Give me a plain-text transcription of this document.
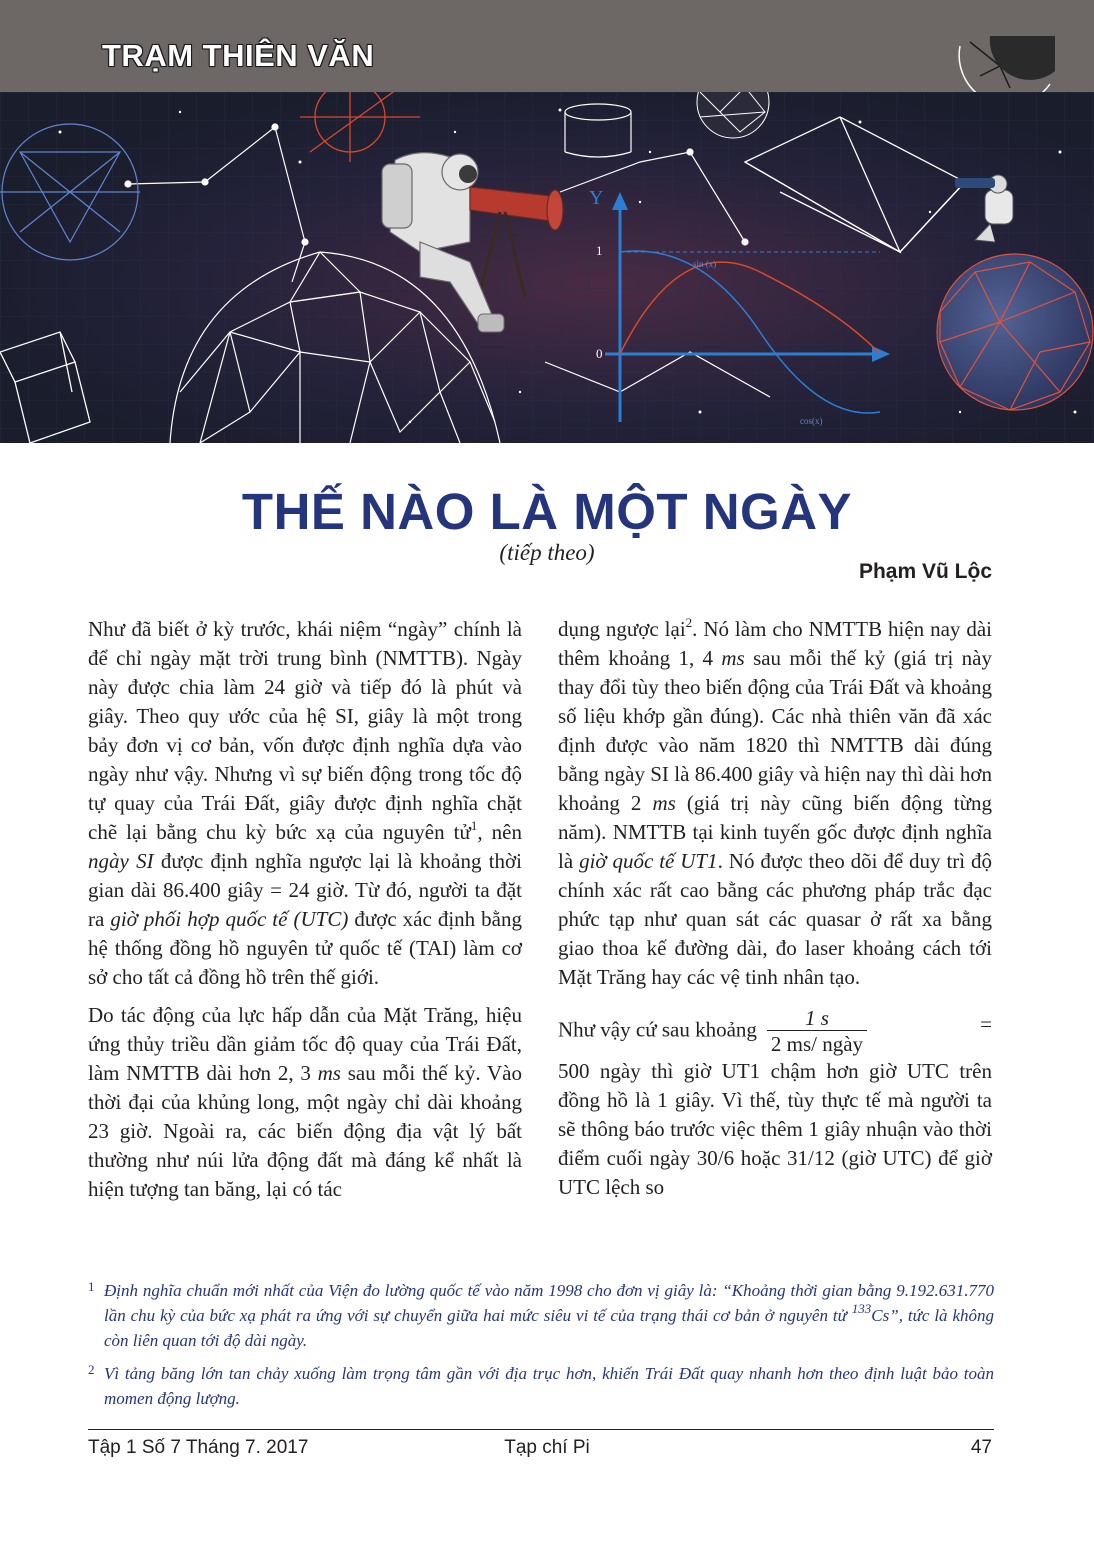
TRẠM THIÊN VĂN
Y
1
0
sin (x)
cos(x)
THẾ NÀO LÀ MỘT NGÀY
(tiếp theo)
Phạm Vũ Lộc

Như đã biết ở kỳ trước, khái niệm “ngày” chính là để chỉ ngày mặt trời trung bình (NMTTB). Ngày này được chia làm 24 giờ và tiếp đó là phút và giây. Theo quy ước của hệ SI, giây là một trong bảy đơn vị cơ bản, vốn được định nghĩa dựa vào ngày như vậy. Nhưng vì sự biến động trong tốc độ tự quay của Trái Đất, giây được định nghĩa chặt chẽ lại bằng chu kỳ bức xạ của nguyên tử$^1$, nên ngày SI được định nghĩa ngược lại là khoảng thời gian dài 86.400 giây = 24 giờ. Từ đó, người ta đặt ra giờ phối hợp quốc tế (UTC) được xác định bằng hệ thống đồng hồ nguyên tử quốc tế (TAI) làm cơ sở cho tất cả đồng hồ trên thế giới.

Do tác động của lực hấp dẫn của Mặt Trăng, hiệu ứng thủy triều dần giảm tốc độ quay của Trái Đất, làm NMTTB dài hơn 2, 3 ms sau mỗi thế kỷ. Vào thời đại của khủng long, một ngày chỉ dài khoảng 23 giờ. Ngoài ra, các biến động địa vật lý bất thường như núi lửa động đất mà đáng kể nhất là hiện tượng tan băng, lại có tác

dụng ngược lại$^2$. Nó làm cho NMTTB hiện nay dài thêm khoảng 1, 4 ms sau mỗi thế kỷ (giá trị này thay đổi tùy theo biến động của Trái Đất và khoảng số liệu khớp gần đúng). Các nhà thiên văn đã xác định được vào năm 1820 thì NMTTB dài đúng bằng ngày SI là 86.400 giây và hiện nay thì dài hơn khoảng 2 ms (giá trị này cũng biến động từng năm). NMTTB tại kinh tuyến gốc được định nghĩa là giờ quốc tế UT1. Nó được theo dõi để duy trì độ chính xác rất cao bằng các phương pháp trắc đạc phức tạp như quan sát các quasar ở rất xa bằng giao thoa kế đường dài, đo laser khoảng cách tới Mặt Trăng hay các vệ tinh nhân tạo.

Như vậy cứ sau khoảng $\frac{1 s}{\text{2 ms/ ngày}}$	=

500 ngày thì giờ UT1 chậm hơn giờ UTC trên đồng hồ là 1 giây. Vì thế, tùy thực tế mà người ta sẽ thông báo trước việc thêm 1 giây nhuận vào thời điểm cuối ngày 30/6 hoặc 31/12 (giờ UTC) để giờ UTC lệch so

1 Định nghĩa chuẩn mới nhất của Viện đo lường quốc tế vào năm 1998 cho đơn vị giây là: “Khoảng thời gian bằng 9.192.631.770 lần chu kỳ của bức xạ phát ra ứng với sự chuyển giữa hai mức siêu vi tế của trạng thái cơ bản ở nguyên tử $^{133}$Cs”, tức là không còn liên quan tới độ dài ngày.
2 Vì tảng băng lớn tan chảy xuống làm trọng tâm gần với địa trục hơn, khiến Trái Đất quay nhanh hơn theo định luật bảo toàn momen động lượng.
Tập 1 Số 7 Tháng 7. 2017	Tạp chí Pi	47
